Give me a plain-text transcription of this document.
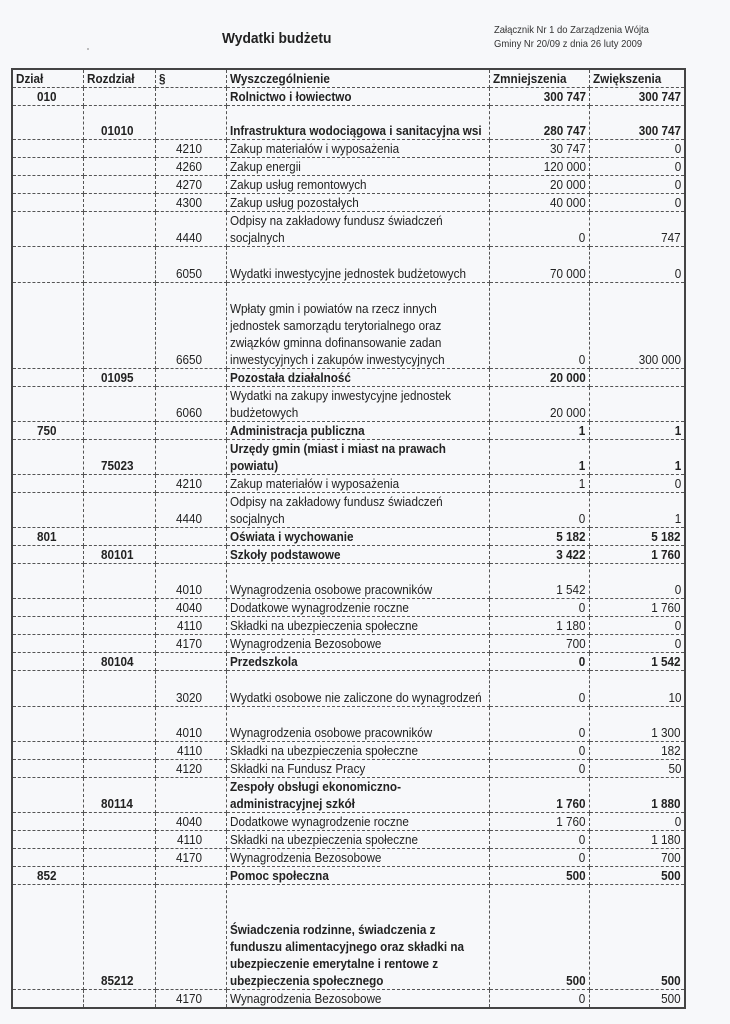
Wydatki budżetu	Załącznik Nr 1 do Zarządzenia Wójta
Gminy Nr 20/09 z dnia 26 luty 2009
Dział	Rozdział	§	Wyszczególnienie	Zmniejszenia	Zwiększenia
010			Rolnictwo i łowiectwo	300 747	300 747
	01010		Infrastruktura wodociągowa i sanitacyjna wsi	280 747	300 747
		4210	Zakup materiałów i wyposażenia	30 747	0
		4260	Zakup energii	120 000	0
		4270	Zakup usług remontowych	20 000	0
		4300	Zakup usług pozostałych	40 000	0
		4440	Odpisy na zakładowy fundusz świadczeń socjalnych	0	747
		6050	Wydatki inwestycyjne jednostek budżetowych	70 000	0
		6650	Wpłaty gmin i powiatów na rzecz innych jednostek samorządu terytorialnego oraz związków gminna dofinansowanie zadan inwestycyjnych i zakupów inwestycyjnych	0	300 000
	01095		Pozostała działalność	20 000	
		6060	Wydatki na zakupy inwestycyjne jednostek budżetowych	20 000	
750			Administracja publiczna	1	1
	75023		Urzędy gmin (miast i miast na prawach powiatu)	1	1
		4210	Zakup materiałów i wyposażenia	1	0
		4440	Odpisy na zakładowy fundusz świadczeń socjalnych	0	1
801			Oświata i wychowanie	5 182	5 182
	80101		Szkoły podstawowe	3 422	1 760
		4010	Wynagrodzenia osobowe pracowników	1 542	0
		4040	Dodatkowe wynagrodzenie roczne	0	1 760
		4110	Składki na ubezpieczenia społeczne	1 180	0
		4170	Wynagrodzenia Bezosobowe	700	0
	80104		Przedszkola	0	1 542
		3020	Wydatki osobowe nie zaliczone do wynagrodzeń	0	10
		4010	Wynagrodzenia osobowe pracowników	0	1 300
		4110	Składki na ubezpieczenia społeczne	0	182
		4120	Składki na Fundusz Pracy	0	50
	80114		Zespoły obsługi ekonomiczno-administracyjnej szkół	1 760	1 880
		4040	Dodatkowe wynagrodzenie roczne	1 760	0
		4110	Składki na ubezpieczenia społeczne	0	1 180
		4170	Wynagrodzenia Bezosobowe	0	700
852			Pomoc społeczna	500	500
	85212		Świadczenia rodzinne, świadczenia z funduszu alimentacyjnego oraz składki na ubezpieczenie emerytalne i rentowe z ubezpieczenia społecznego	500	500
		4170	Wynagrodzenia Bezosobowe	0	500
